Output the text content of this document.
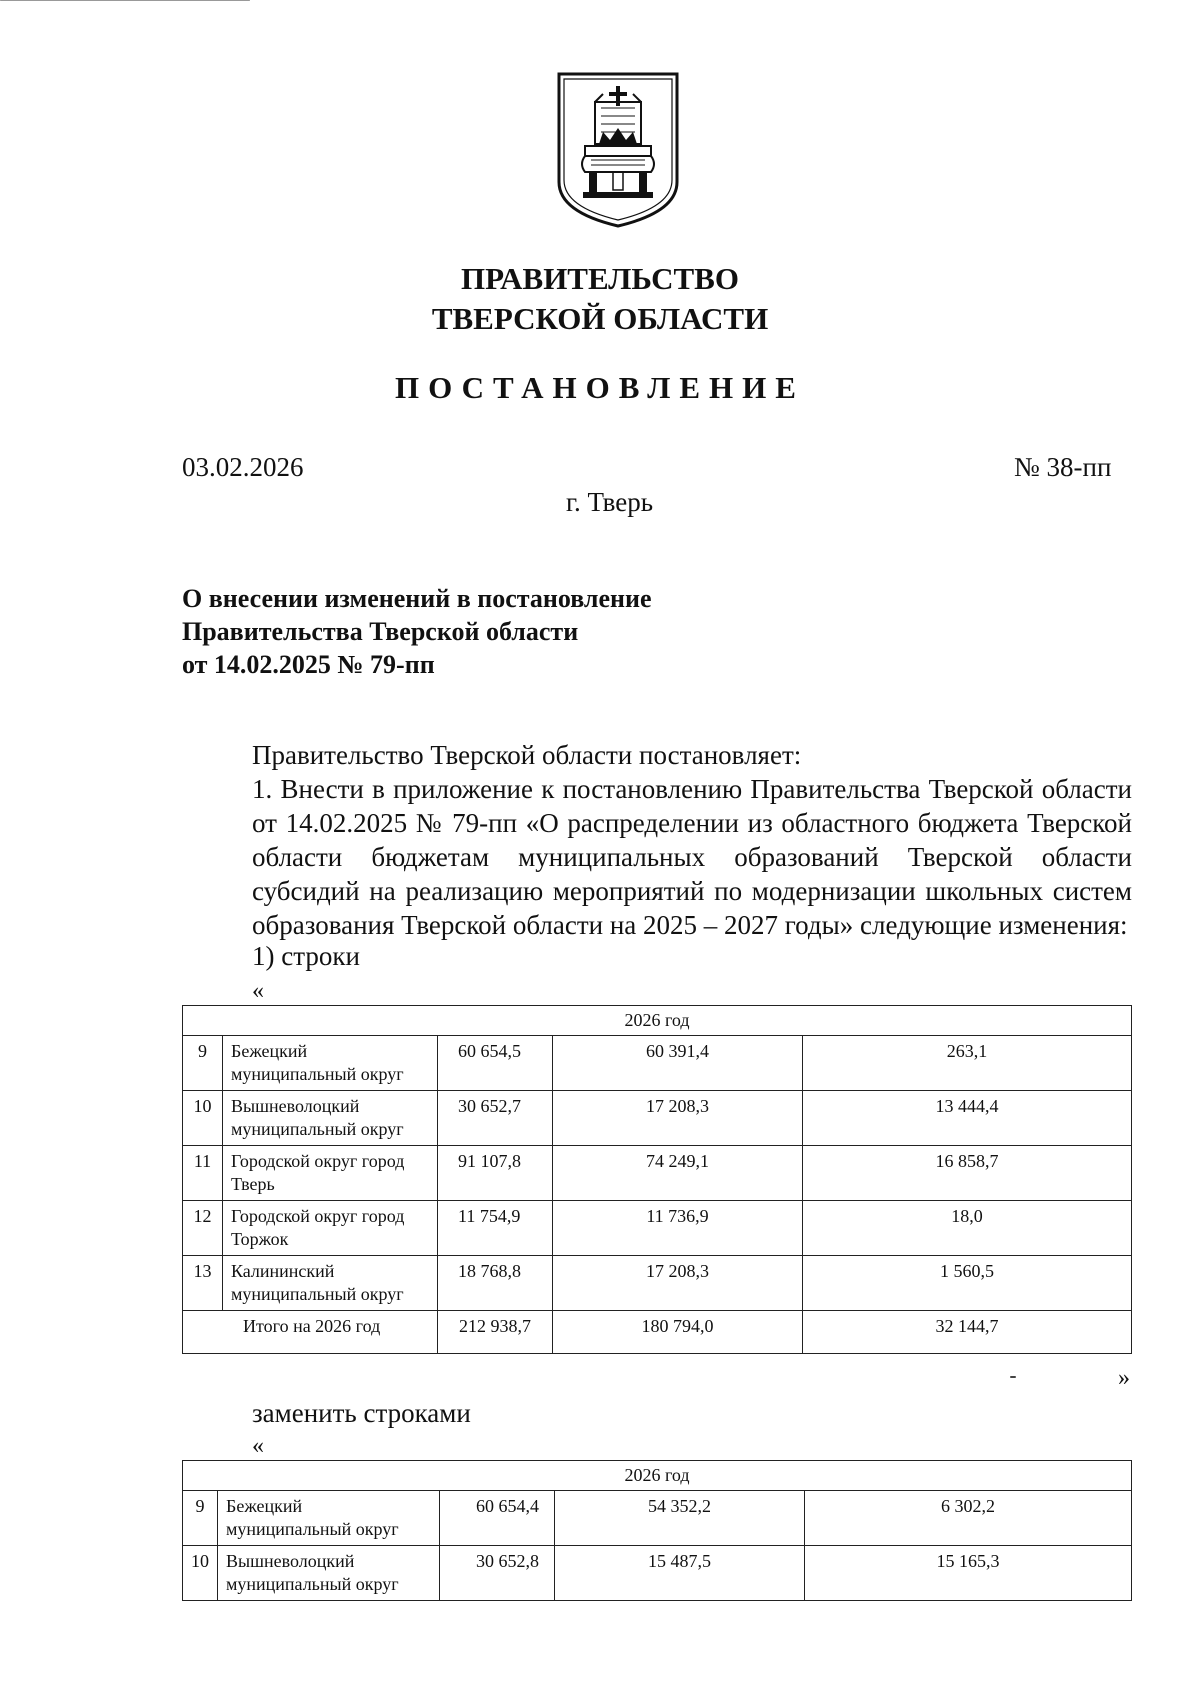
ПРАВИТЕЛЬСТВО
ТВЕРСКОЙ ОБЛАСТИ
ПОСТАНОВЛЕНИЕ
03.02.2026	№ 38-пп
г. Тверь
О внесении изменений в постановление
Правительства Тверской области
от 14.02.2025 № 79-пп

Правительство Тверской области постановляет:

1. Внести в приложение к постановлению Правительства Тверской области от 14.02.2025 № 79-пп «О распределении из областного бюджета Тверской области бюджетам муниципальных образований Тверской области субсидий на реализацию мероприятий по модернизации школьных систем образования Тверской области на 2025 – 2027 годы» следующие изменения:

1) строки
«
2026 год				
9	Бежецкий муниципальный округ	60 654,5	60 391,4	263,1
10	Вышневолоцкий муниципальный округ	30 652,7	17 208,3	13 444,4
11	Городской округ город Тверь	91 107,8	74 249,1	16 858,7
12	Городской округ город Торжок	11 754,9	11 736,9	18,0
13	Калининский муниципальный округ	18 768,8	17 208,3	1 560,5
Итого на 2026 год		212 938,7	180 794,0	32 144,7
»
заменить строками
«
2026 год				
9	Бежецкий муниципальный округ	60 654,4	54 352,2	6 302,2
10	Вышневолоцкий муниципальный округ	30 652,8	15 487,5	15 165,3
